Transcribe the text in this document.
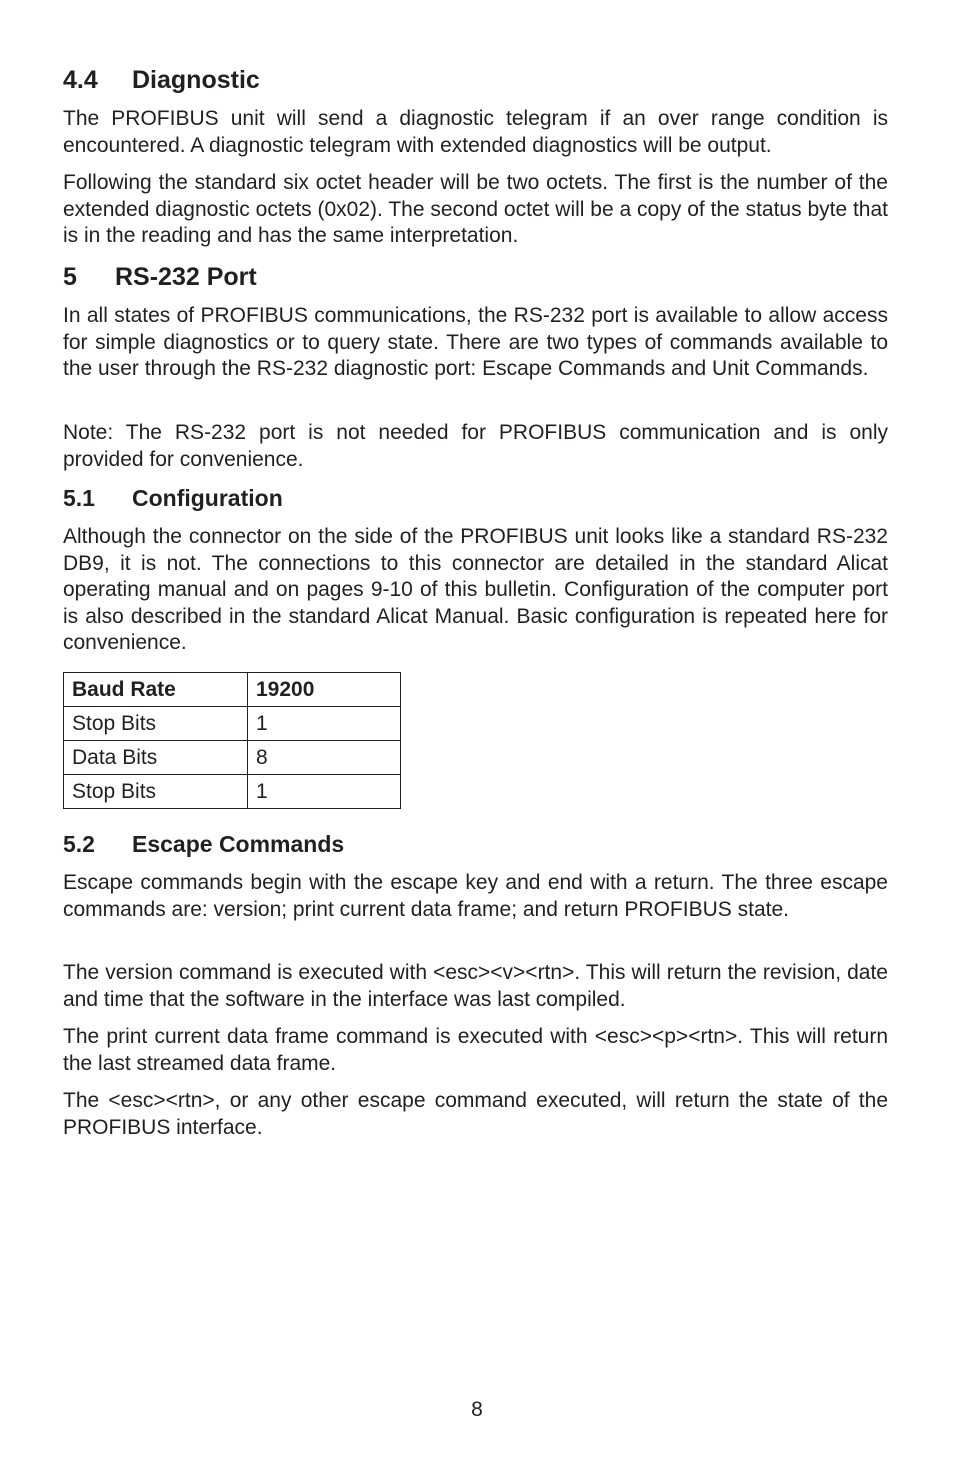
4.4 Diagnostic

The PROFIBUS unit will send a diagnostic telegram if an over range condition is encountered. A diagnostic telegram with extended diagnostics will be output.

Following the standard six octet header will be two octets. The first is the number of the extended diagnostic octets (0x02). The second octet will be a copy of the status byte that is in the reading and has the same interpretation.

5 RS-232 Port

In all states of PROFIBUS communications, the RS-232 port is available to allow access for simple diagnostics or to query state. There are two types of commands available to the user through the RS-232 diagnostic port: Escape Commands and Unit Commands.

Note: The RS-232 port is not needed for PROFIBUS communication and is only provided for convenience.

5.1 Configuration

Although the connector on the side of the PROFIBUS unit looks like a standard RS-232 DB9, it is not. The connections to this connector are detailed in the standard Alicat operating manual and on pages 9-10 of this bulletin. Configuration of the computer port is also described in the standard Alicat Manual. Basic configuration is repeated here for convenience.

Baud Rate	19200
Stop Bits	1
Data Bits	8
Stop Bits	1
5.2 Escape Commands

Escape commands begin with the escape key and end with a return. The three escape commands are: version; print current data frame; and return PROFIBUS state.

The version command is executed with <esc><v><rtn>. This will return the revision, date and time that the software in the interface was last compiled.

The print current data frame command is executed with <esc><p><rtn>. This will return the last streamed data frame.

The <esc><rtn>, or any other escape command executed, will return the state of the PROFIBUS interface.

8
